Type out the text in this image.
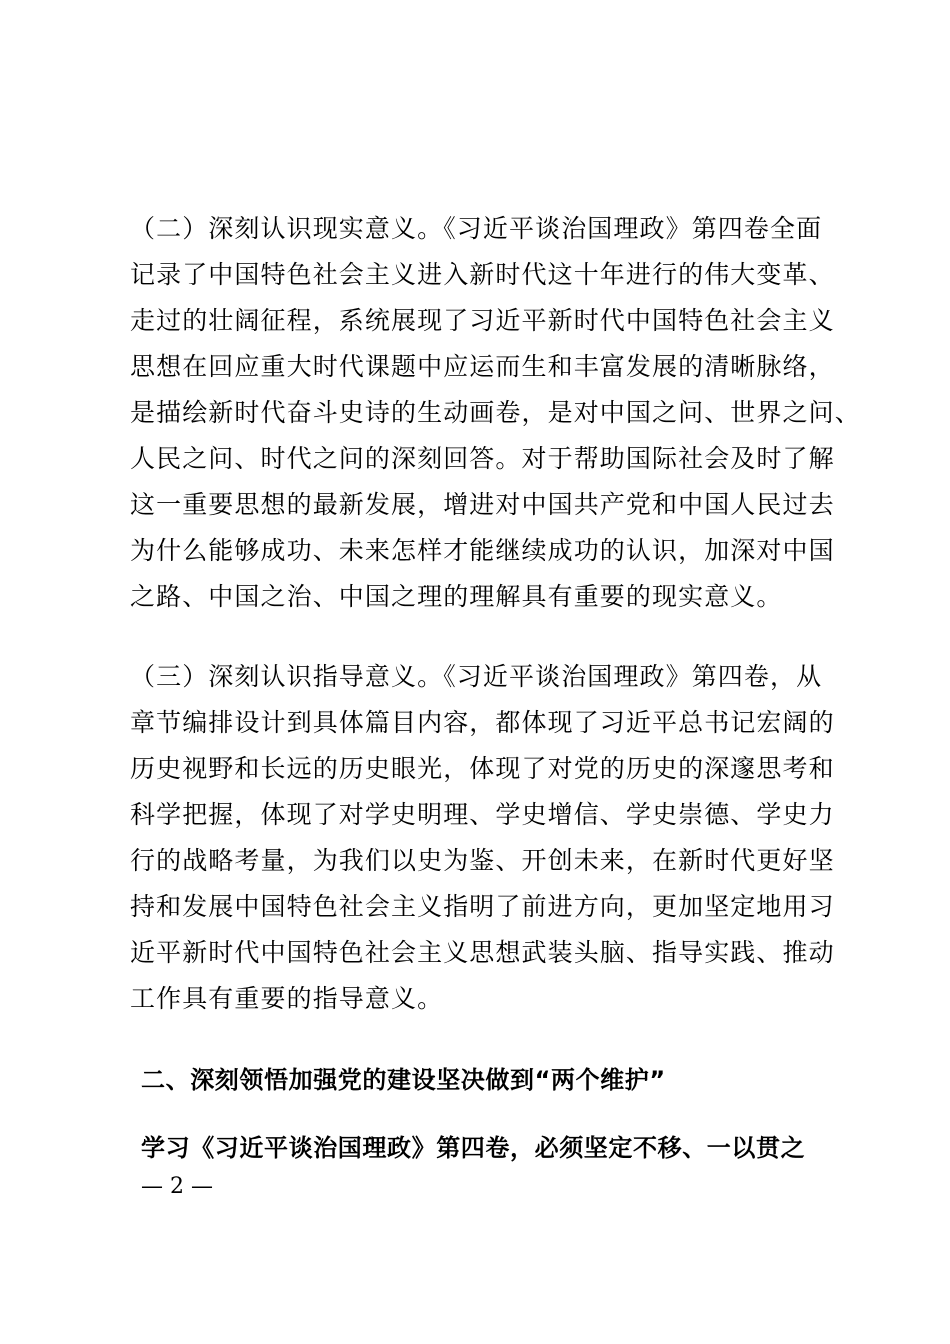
（二）深刻认识现实意义。《习近平谈治国理政》第四卷全面
记录了中国特色社会主义进入新时代这十年进行的伟大变革、
走过的壮阔征程，系统展现了习近平新时代中国特色社会主义
思想在回应重大时代课题中应运而生和丰富发展的清晰脉络，
是描绘新时代奋斗史诗的生动画卷，是对中国之问、世界之问、
人民之问、时代之问的深刻回答。对于帮助国际社会及时了解
这一重要思想的最新发展，增进对中国共产党和中国人民过去
为什么能够成功、未来怎样才能继续成功的认识，加深对中国
之路、中国之治、中国之理的理解具有重要的现实意义。
（三）深刻认识指导意义。《习近平谈治国理政》第四卷，从
章节编排设计到具体篇目内容，都体现了习近平总书记宏阔的
历史视野和长远的历史眼光，体现了对党的历史的深邃思考和
科学把握，体现了对学史明理、学史增信、学史崇德、学史力
行的战略考量，为我们以史为鉴、开创未来，在新时代更好坚
持和发展中国特色社会主义指明了前进方向，更加坚定地用习
近平新时代中国特色社会主义思想武装头脑、指导实践、推动
工作具有重要的指导意义。
二、深刻领悟加强党的建设坚决做到“两个维护”

学习《习近平谈治国理政》第四卷，必须坚定不移、一以贯之

— 2 —
